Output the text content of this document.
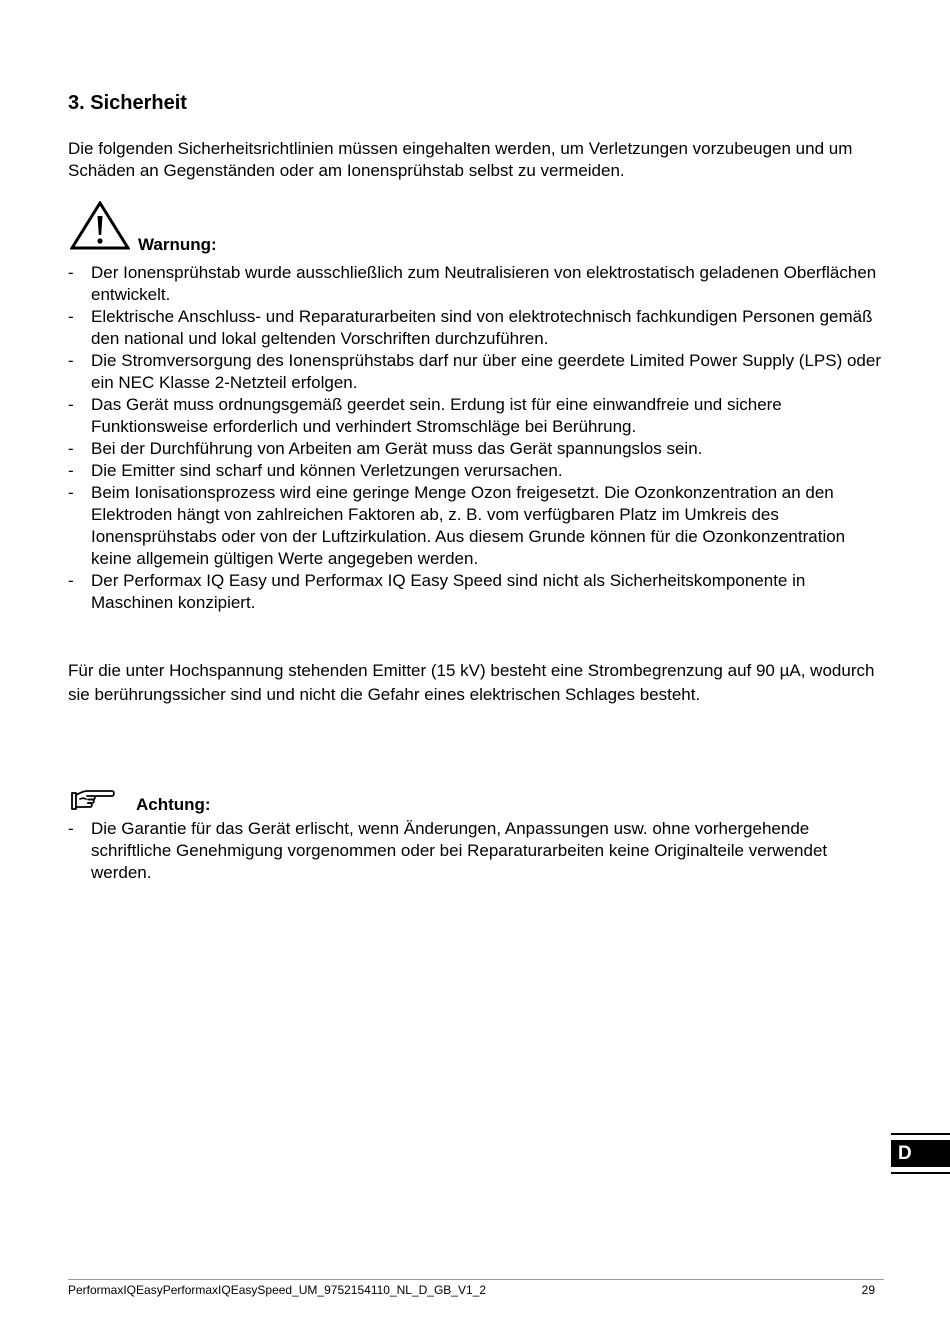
3. Sicherheit

Die folgenden Sicherheitsrichtlinien müssen eingehalten werden, um Verletzungen vorzubeugen und um Schäden an Gegenständen oder am Ionensprühstab selbst zu vermeiden.

Warnung:
- Der Ionensprühstab wurde ausschließlich zum Neutralisieren von elektrostatisch geladenen Oberflächen entwickelt.
- Elektrische Anschluss- und Reparaturarbeiten sind von elektrotechnisch fachkundigen Personen gemäß den national und lokal geltenden Vorschriften durchzuführen.
- Die Stromversorgung des Ionensprühstabs darf nur über eine geerdete Limited Power Supply (LPS) oder ein NEC Klasse 2-Netzteil erfolgen.
- Das Gerät muss ordnungsgemäß geerdet sein. Erdung ist für eine einwandfreie und sichere Funktionsweise erforderlich und verhindert Stromschläge bei Berührung.
- Bei der Durchführung von Arbeiten am Gerät muss das Gerät spannungslos sein.
- Die Emitter sind scharf und können Verletzungen verursachen.
- Beim Ionisationsprozess wird eine geringe Menge Ozon freigesetzt. Die Ozonkonzentration an den Elektroden hängt von zahlreichen Faktoren ab, z. B. vom verfügbaren Platz im Umkreis des Ionensprühstabs oder von der Luftzirkulation. Aus diesem Grunde können für die Ozonkonzentration keine allgemein gültigen Werte angegeben werden.
- Der Performax IQ Easy und Performax IQ Easy Speed sind nicht als Sicherheitskomponente in Maschinen konzipiert.

Für die unter Hochspannung stehenden Emitter (15 kV) besteht eine Strombegrenzung auf 90 µA, wodurch sie berührungssicher sind und nicht die Gefahr eines elektrischen Schlages besteht.

Achtung:
- Die Garantie für das Gerät erlischt, wenn Änderungen, Anpassungen usw. ohne vorhergehende schriftliche Genehmigung vorgenommen oder bei Reparaturarbeiten keine Originalteile verwendet werden.
D
PerformaxIQEasyPerformaxIQEasySpeed_UM_9752154110_NL_D_GB_V1_2	29
